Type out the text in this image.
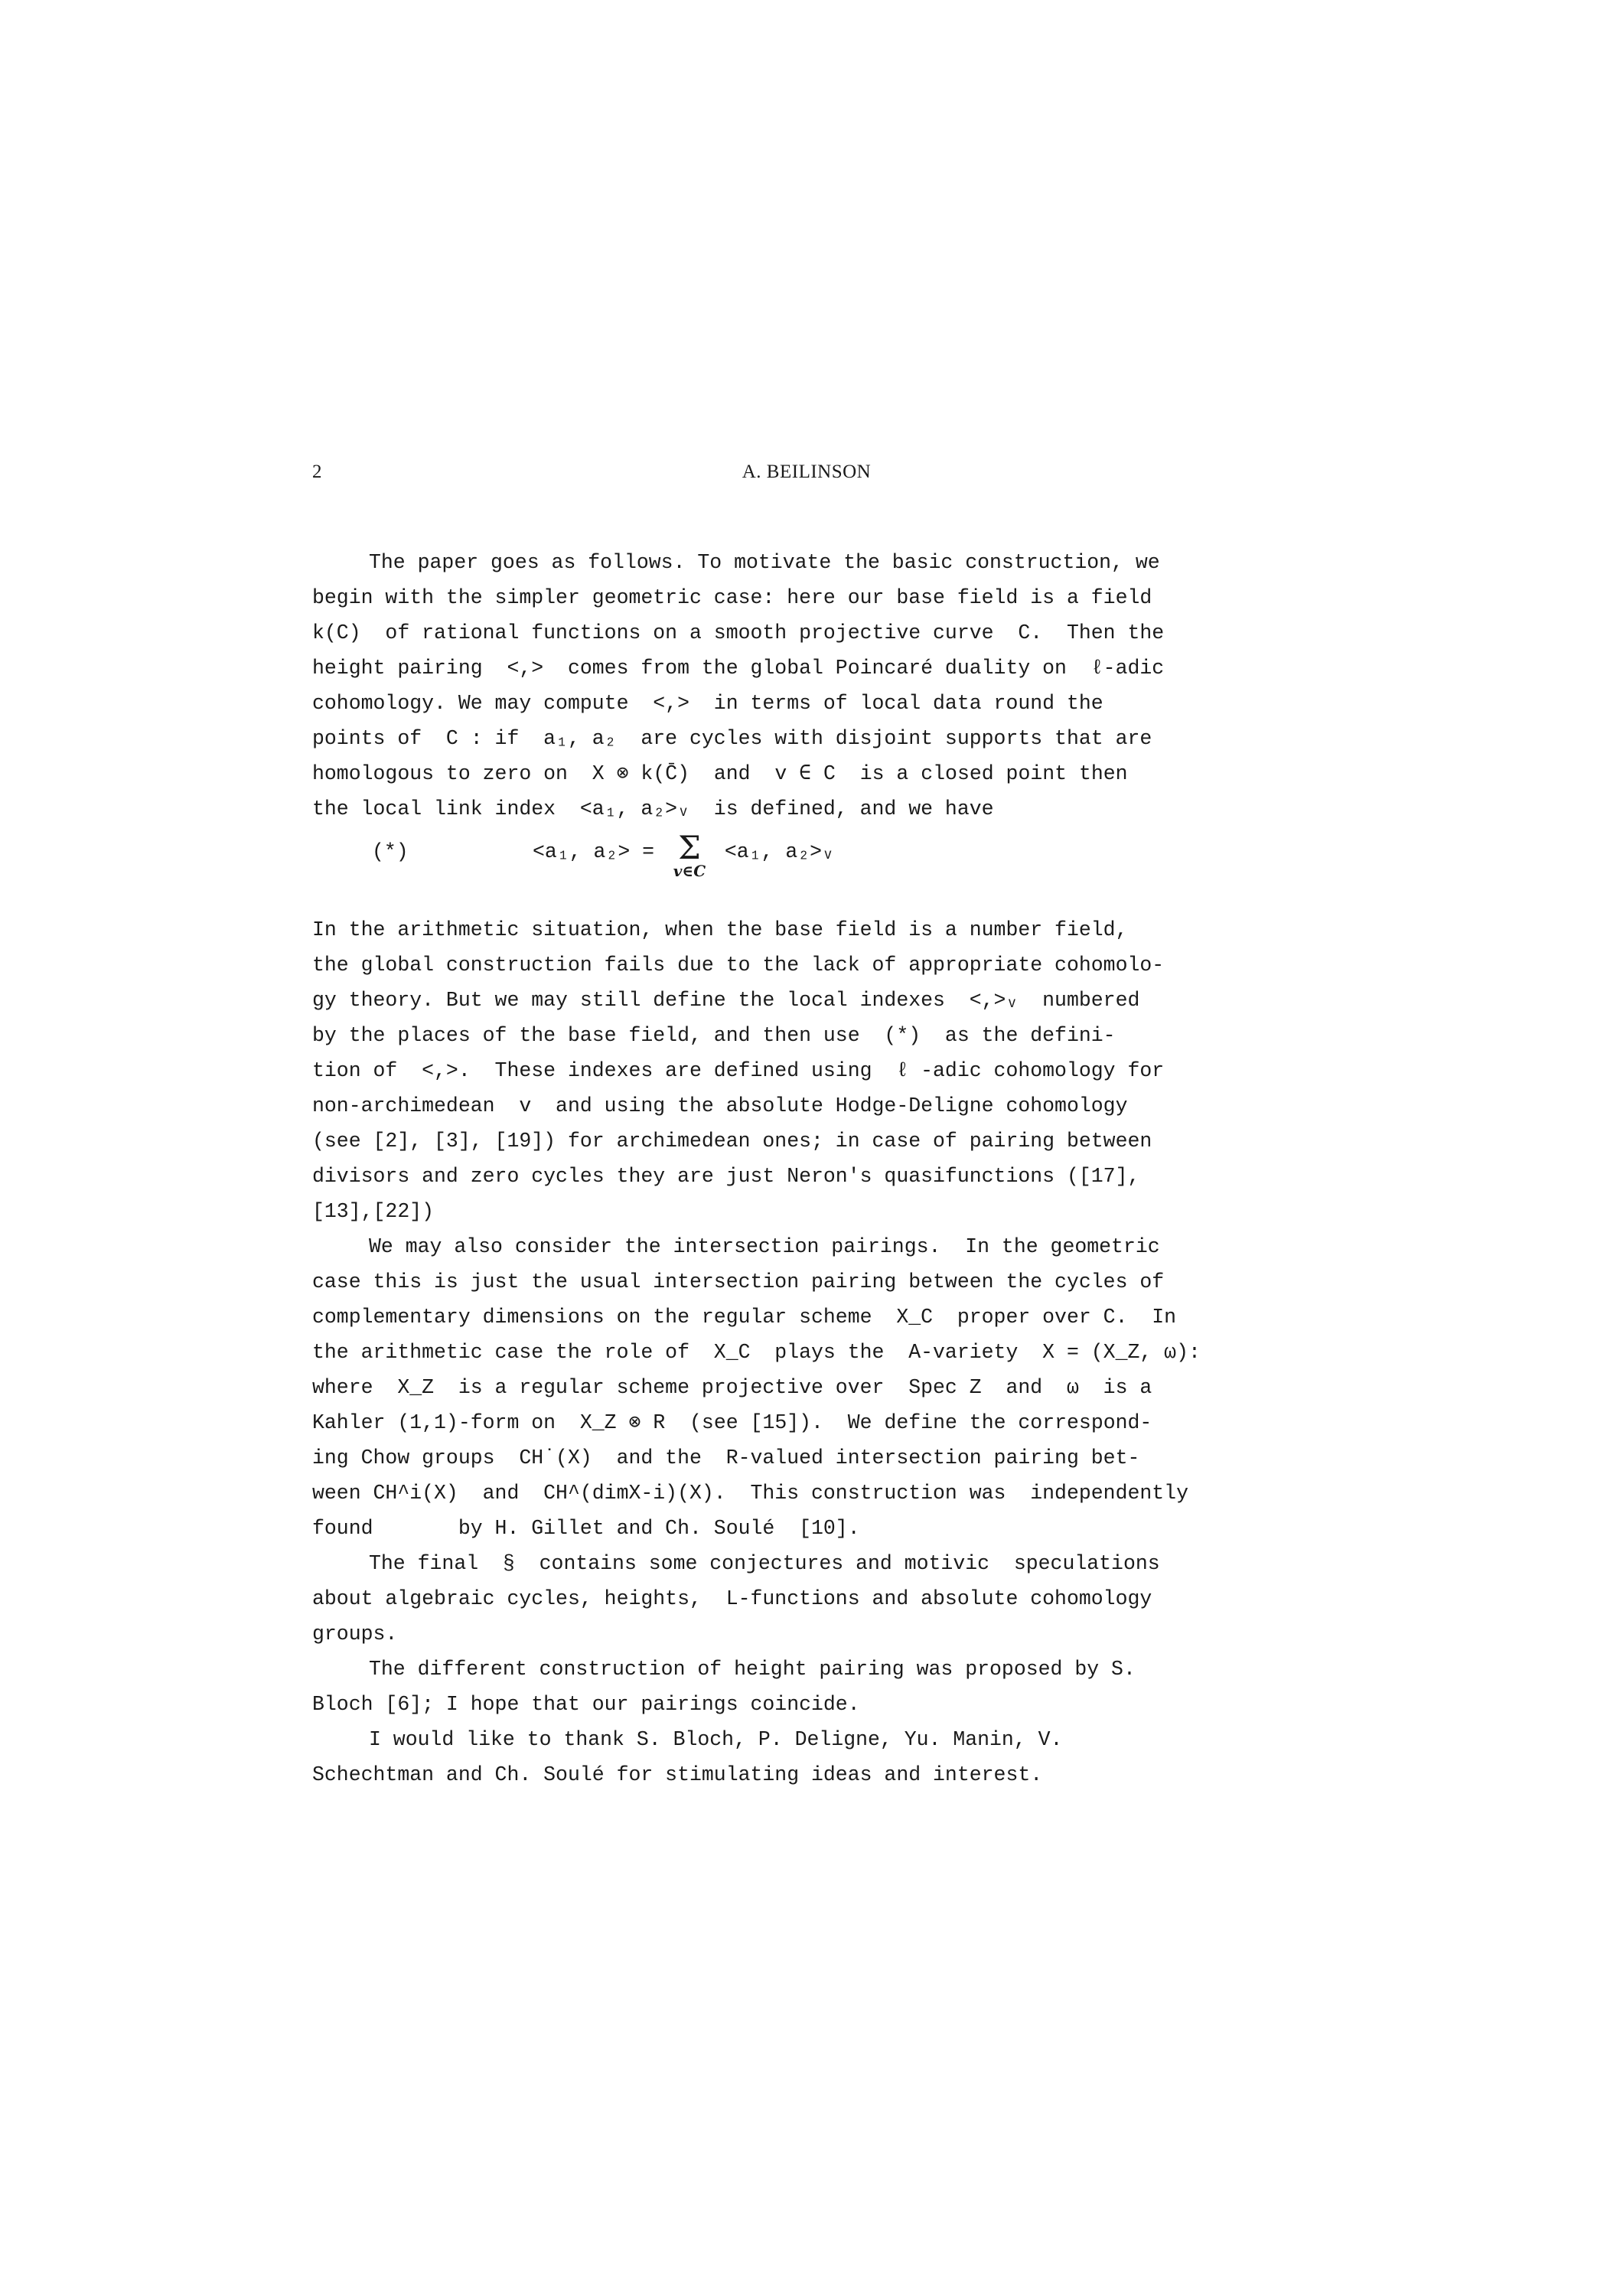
2	A. BEILINSON
The paper goes as follows. To motivate the basic construction, we
begin with the simpler geometric case: here our base field is a field
k(C)  of rational functions on a smooth projective curve  C.  Then the
height pairing  <,>  comes from the global Poincaré duality on  ℓ-adic
cohomology. We may compute  <,>  in terms of local data round the
points of  C : if  a₁, a₂  are cycles with disjoint supports that are
homologous to zero on  X ⊗ k(C̄)  and  v ∈ C  is a closed point then
the local link index  <a₁, a₂>ᵥ  is defined, and we have
(*)	<a₁, a₂> = Σ
v∈C
<a₁, a₂>ᵥ
In the arithmetic situation, when the base field is a number field,
the global construction fails due to the lack of appropriate cohomolo-
gy theory. But we may still define the local indexes  <,>ᵥ  numbered
by the places of the base field, and then use  (*)  as the defini-
tion of  <,>.  These indexes are defined using  ℓ -adic cohomology for
non-archimedean  v  and using the absolute Hodge-Deligne cohomology
(see [2], [3], [19]) for archimedean ones; in case of pairing between
divisors and zero cycles they are just Neron's quasifunctions ([17],
[13],[22])
We may also consider the intersection pairings.  In the geometric
case this is just the usual intersection pairing between the cycles of
complementary dimensions on the regular scheme  X_C  proper over C.  In
the arithmetic case the role of  X_C  plays the  A-variety  X = (X_Z, ω):
where  X_Z  is a regular scheme projective over  Spec Z  and  ω  is a
Kahler (1,1)-form on  X_Z ⊗ R  (see [15]).  We define the correspond-
ing Chow groups  CH˙(X)  and the  R-valued intersection pairing bet-
ween CH^i(X)  and  CH^(dimX-i)(X).  This construction was  independently
found       by H. Gillet and Ch. Soulé  [10].
The final  §  contains some conjectures and motivic  speculations
about algebraic cycles, heights,  L-functions and absolute cohomology
groups.
The different construction of height pairing was proposed by S.
Bloch [6]; I hope that our pairings coincide.
I would like to thank S. Bloch, P. Deligne, Yu. Manin, V.
Schechtman and Ch. Soulé for stimulating ideas and interest.
